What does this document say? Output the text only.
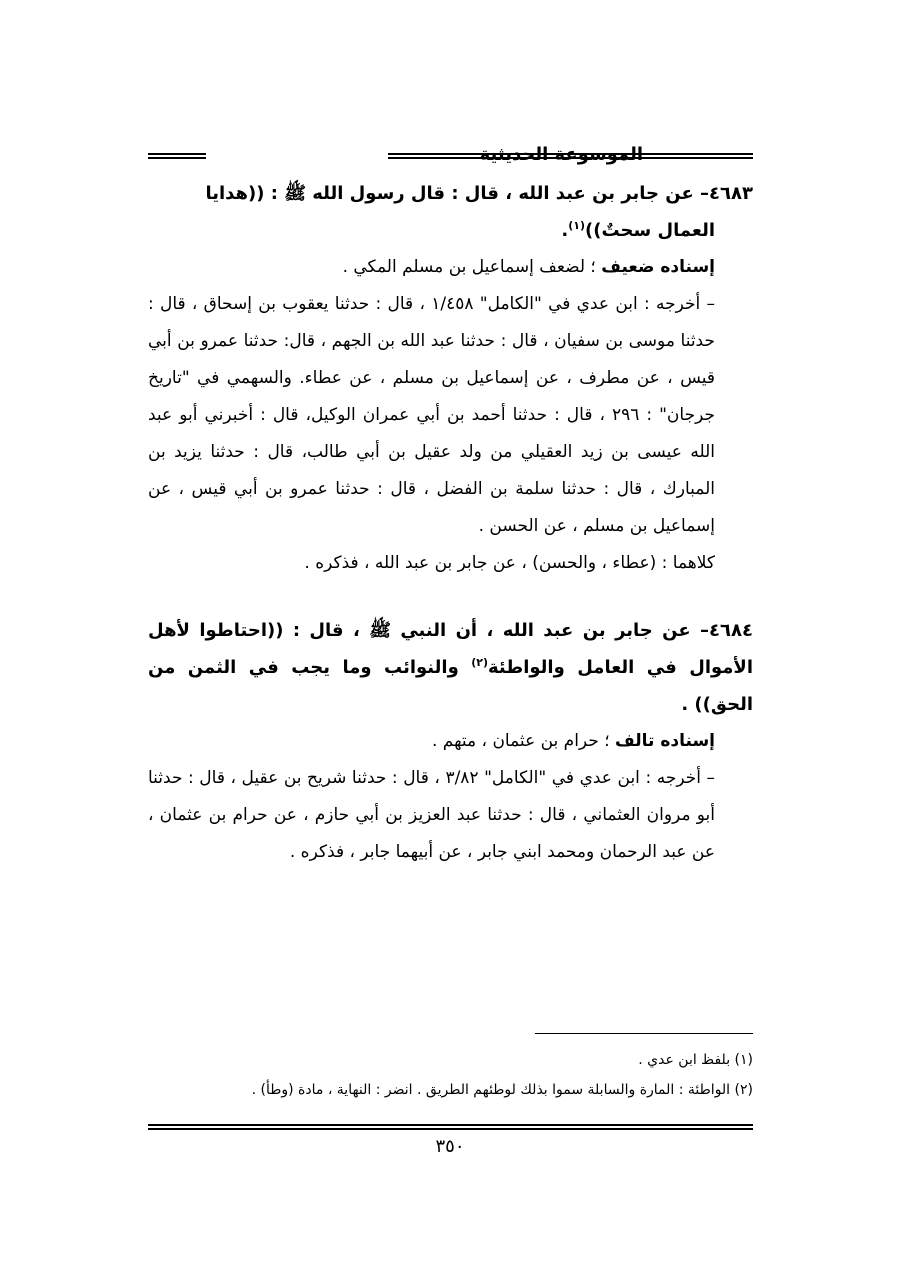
الموسوعة الحديثية

٤٦٨٣– عن جابر بن عبد الله ، قال : قال رسول الله ﷺ : ((هدايا
العمال سحتٌ))$^{(١)}$.

إسناده ضعيف ؛ لضعف إسماعيل بن مسلم المكي .

– أخرجه : ابن عدي في "الكامل" ١/٤٥٨ ، قال : حدثنا يعقوب بن إسحاق ، قال : حدثنا موسى بن سفيان ، قال : حدثنا عبد الله بن الجهم ، قال: حدثنا عمرو بن أبي قيس ، عن مطرف ، عن إسماعيل بن مسلم ، عن عطاء. والسهمي في "تاريخ جرجان" : ٢٩٦ ، قال : حدثنا أحمد بن أبي عمران الوكيل، قال : أخبرني أبو عبد الله عيسى بن زيد العقيلي من ولد عقيل بن أبي طالب، قال : حدثنا يزيد بن المبارك ، قال : حدثنا سلمة بن الفضل ، قال : حدثنا عمرو بن أبي قيس ، عن إسماعيل بن مسلم ، عن الحسن .

كلاهما : (عطاء ، والحسن) ، عن جابر بن عبد الله ، فذكره .

٤٦٨٤– عن جابر بن عبد الله ، أن النبي ﷺ ، قال : ((احتاطوا لأهل الأموال في العامل والواطئة$^{(٢)}$ والنوائب وما يجب في الثمن من الحق)) .

إسناده تالف ؛ حرام بن عثمان ، متهم .

– أخرجه : ابن عدي في "الكامل" ٣/٨٢ ، قال : حدثنا شريح بن عقيل ، قال : حدثنا أبو مروان العثماني ، قال : حدثنا عبد العزيز بن أبي حازم ، عن حرام بن عثمان ، عن عبد الرحمان ومحمد ابني جابر ، عن أبيهما جابر ، فذكره .

(١) بلفظ ابن عدي .

(٢) الواطئة : المارة والسابلة سموا بذلك لوطئهم الطريق . انضر : النهاية ، مادة (وطأ) .

٣٥٠
